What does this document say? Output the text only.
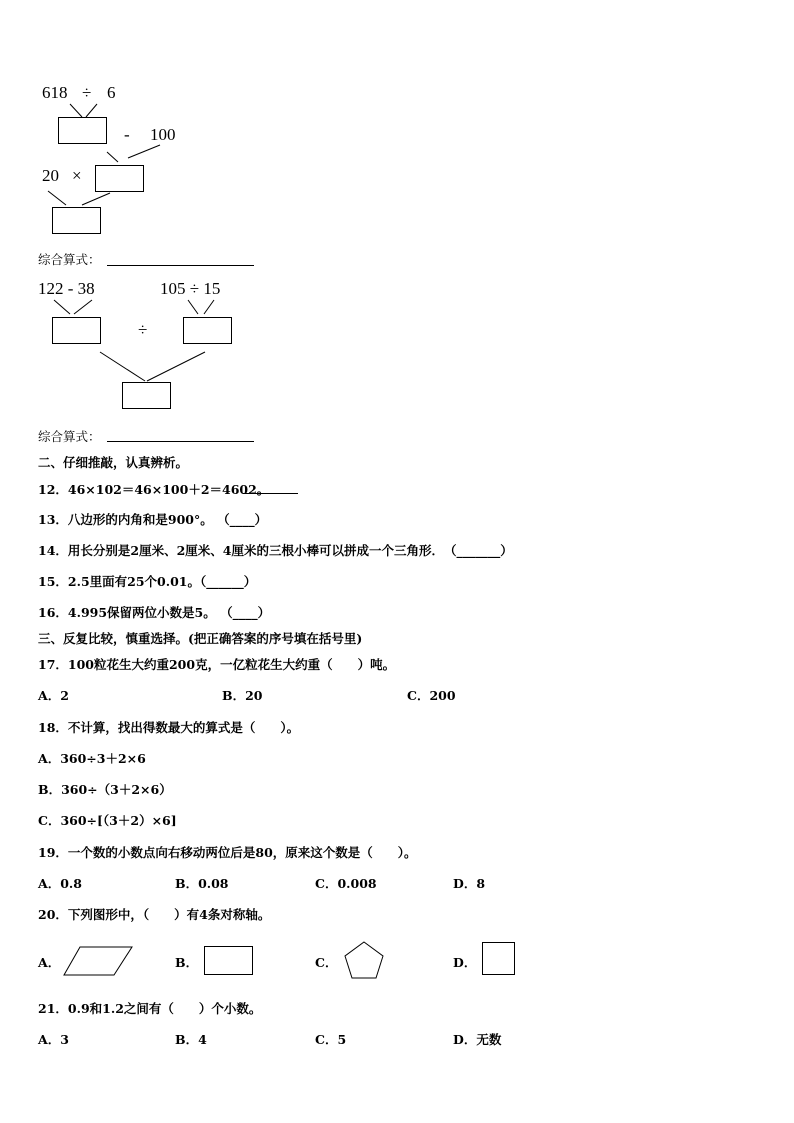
618 ÷ 6
- 100
20 ×
综合算式：
122 - 38	105 ÷ 15
÷
综合算式：
二、仔细推敲，认真辨析。
12．46×102＝46×100＋2＝4602。
13．八边形的内角和是900°。 （____）
14．用长分别是2厘米、2厘米、4厘米的三根小棒可以拼成一个三角形．　（_______）
15．2.5里面有25个0.01。（______）
16．4.995保留两位小数是5。 （____）
三、反复比较，慎重选择。(把正确答案的序号填在括号里)
17．100粒花生大约重200克，一亿粒花生大约重（　　）吨。
A．2	B．20	C．200
18．不计算，找出得数最大的算式是（　　）。
A．360÷3＋2×6
B．360÷（3＋2×6）
C．360÷[（3＋2）×6]
19．一个数的小数点向右移动两位后是80，原来这个数是（　　）。
A．0.8	B．0.08	C．0.008	D．8
20．下列图形中，（　　）有4条对称轴。
A．	B．	C．	D．
21．0.9和1.2之间有（　　）个小数。
A．3	B．4	C．5	D．无数
